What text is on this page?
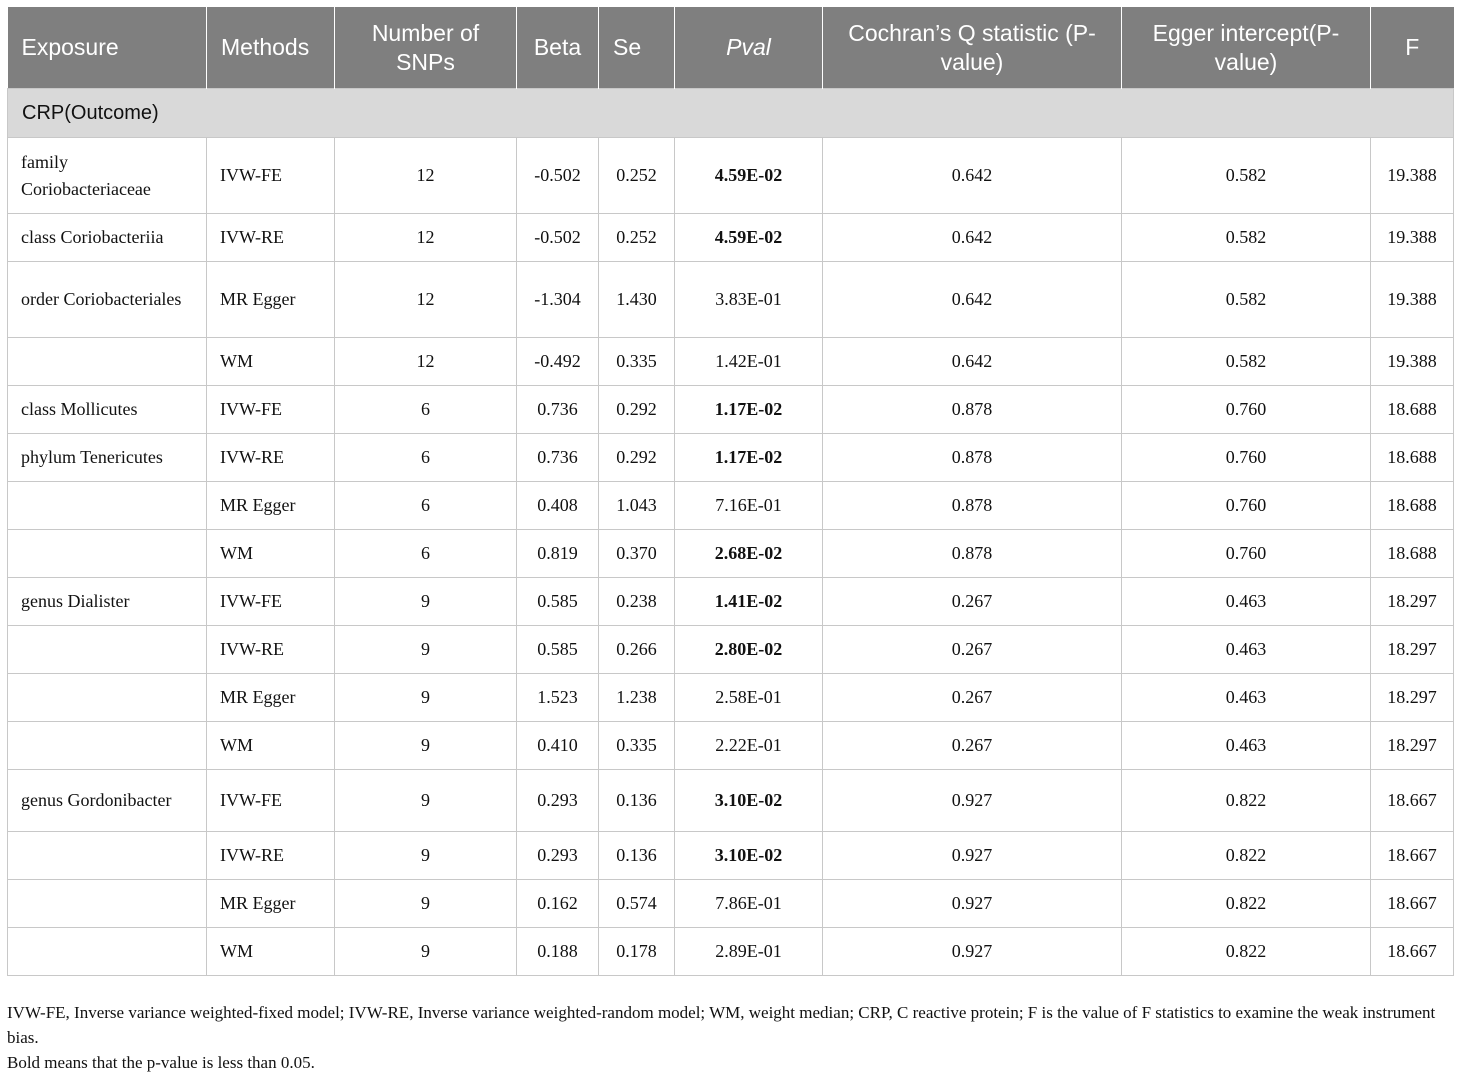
Exposure	Methods	Number of SNPs	Beta	Se	Pval	Cochran’s Q statistic (P-value)	Egger intercept(P-value)	F
CRP(Outcome)								
family Coriobacteriaceae	IVW-FE	12	-0.502	0.252	4.59E-02	0.642	0.582	19.388
class Coriobacteriia	IVW-RE	12	-0.502	0.252	4.59E-02	0.642	0.582	19.388
order Coriobacteriales	MR Egger	12	-1.304	1.430	3.83E-01	0.642	0.582	19.388
	WM	12	-0.492	0.335	1.42E-01	0.642	0.582	19.388
class Mollicutes	IVW-FE	6	0.736	0.292	1.17E-02	0.878	0.760	18.688
phylum Tenericutes	IVW-RE	6	0.736	0.292	1.17E-02	0.878	0.760	18.688
	MR Egger	6	0.408	1.043	7.16E-01	0.878	0.760	18.688
	WM	6	0.819	0.370	2.68E-02	0.878	0.760	18.688
genus Dialister	IVW-FE	9	0.585	0.238	1.41E-02	0.267	0.463	18.297
	IVW-RE	9	0.585	0.266	2.80E-02	0.267	0.463	18.297
	MR Egger	9	1.523	1.238	2.58E-01	0.267	0.463	18.297
	WM	9	0.410	0.335	2.22E-01	0.267	0.463	18.297
genus Gordonibacter	IVW-FE	9	0.293	0.136	3.10E-02	0.927	0.822	18.667
	IVW-RE	9	0.293	0.136	3.10E-02	0.927	0.822	18.667
	MR Egger	9	0.162	0.574	7.86E-01	0.927	0.822	18.667
	WM	9	0.188	0.178	2.89E-01	0.927	0.822	18.667

IVW-FE, Inverse variance weighted-fixed model; IVW-RE, Inverse variance weighted-random model; WM, weight median; CRP, C reactive protein; F is the value of F statistics to examine the weak instrument bias.

Bold means that the p-value is less than 0.05.
